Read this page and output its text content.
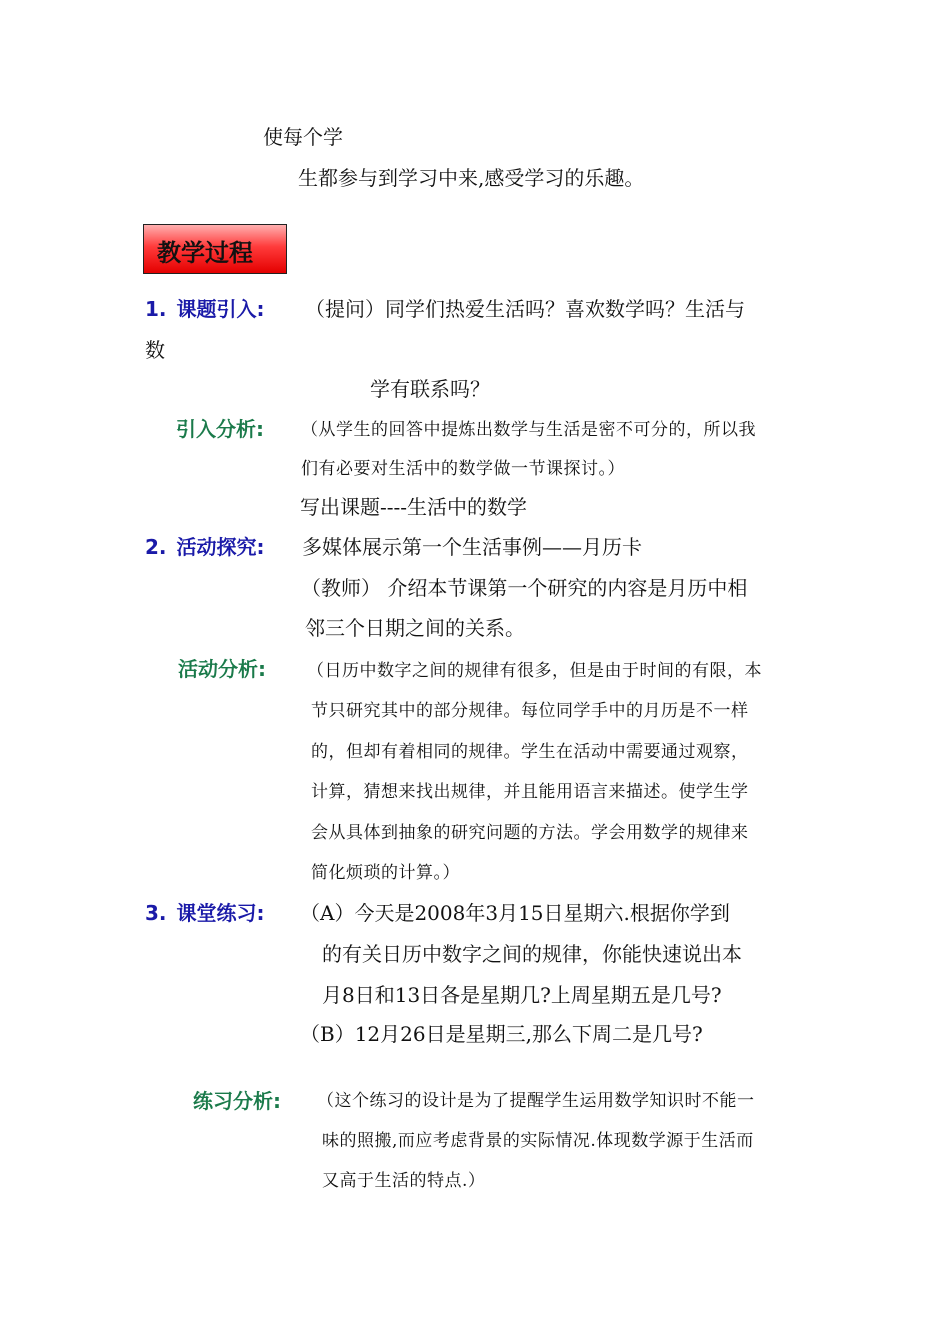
使每个学
生都参与到学习中来,感受学习的乐趣。
教学过程
1. 课题引入: （提问）同学们热爱生活吗？喜欢数学吗？生活与
数
学有联系吗？
引入分析: （从学生的回答中提炼出数学与生活是密不可分的，所以我
们有必要对生活中的数学做一节课探讨。）
写出课题----生活中的数学
2. 活动探究: 多媒体展示第一个生活事例——月历卡
（教师） 介绍本节课第一个研究的内容是月历中相
邻三个日期之间的关系。
活动分析: （日历中数字之间的规律有很多，但是由于时间的有限，本
节只研究其中的部分规律。每位同学手中的月历是不一样
的，但却有着相同的规律。学生在活动中需要通过观察，
计算，猜想来找出规律，并且能用语言来描述。使学生学
会从具体到抽象的研究问题的方法。学会用数学的规律来
简化烦琐的计算。）
3. 课堂练习: （A）今天是2008年3月15日星期六.根据你学到
的有关日历中数字之间的规律，你能快速说出本
月8日和13日各是星期几?上周星期五是几号?
（B）12月26日是星期三,那么下周二是几号?
练习分析: （这个练习的设计是为了提醒学生运用数学知识时不能一
味的照搬,而应考虑背景的实际情况.体现数学源于生活而
又高于生活的特点.）
